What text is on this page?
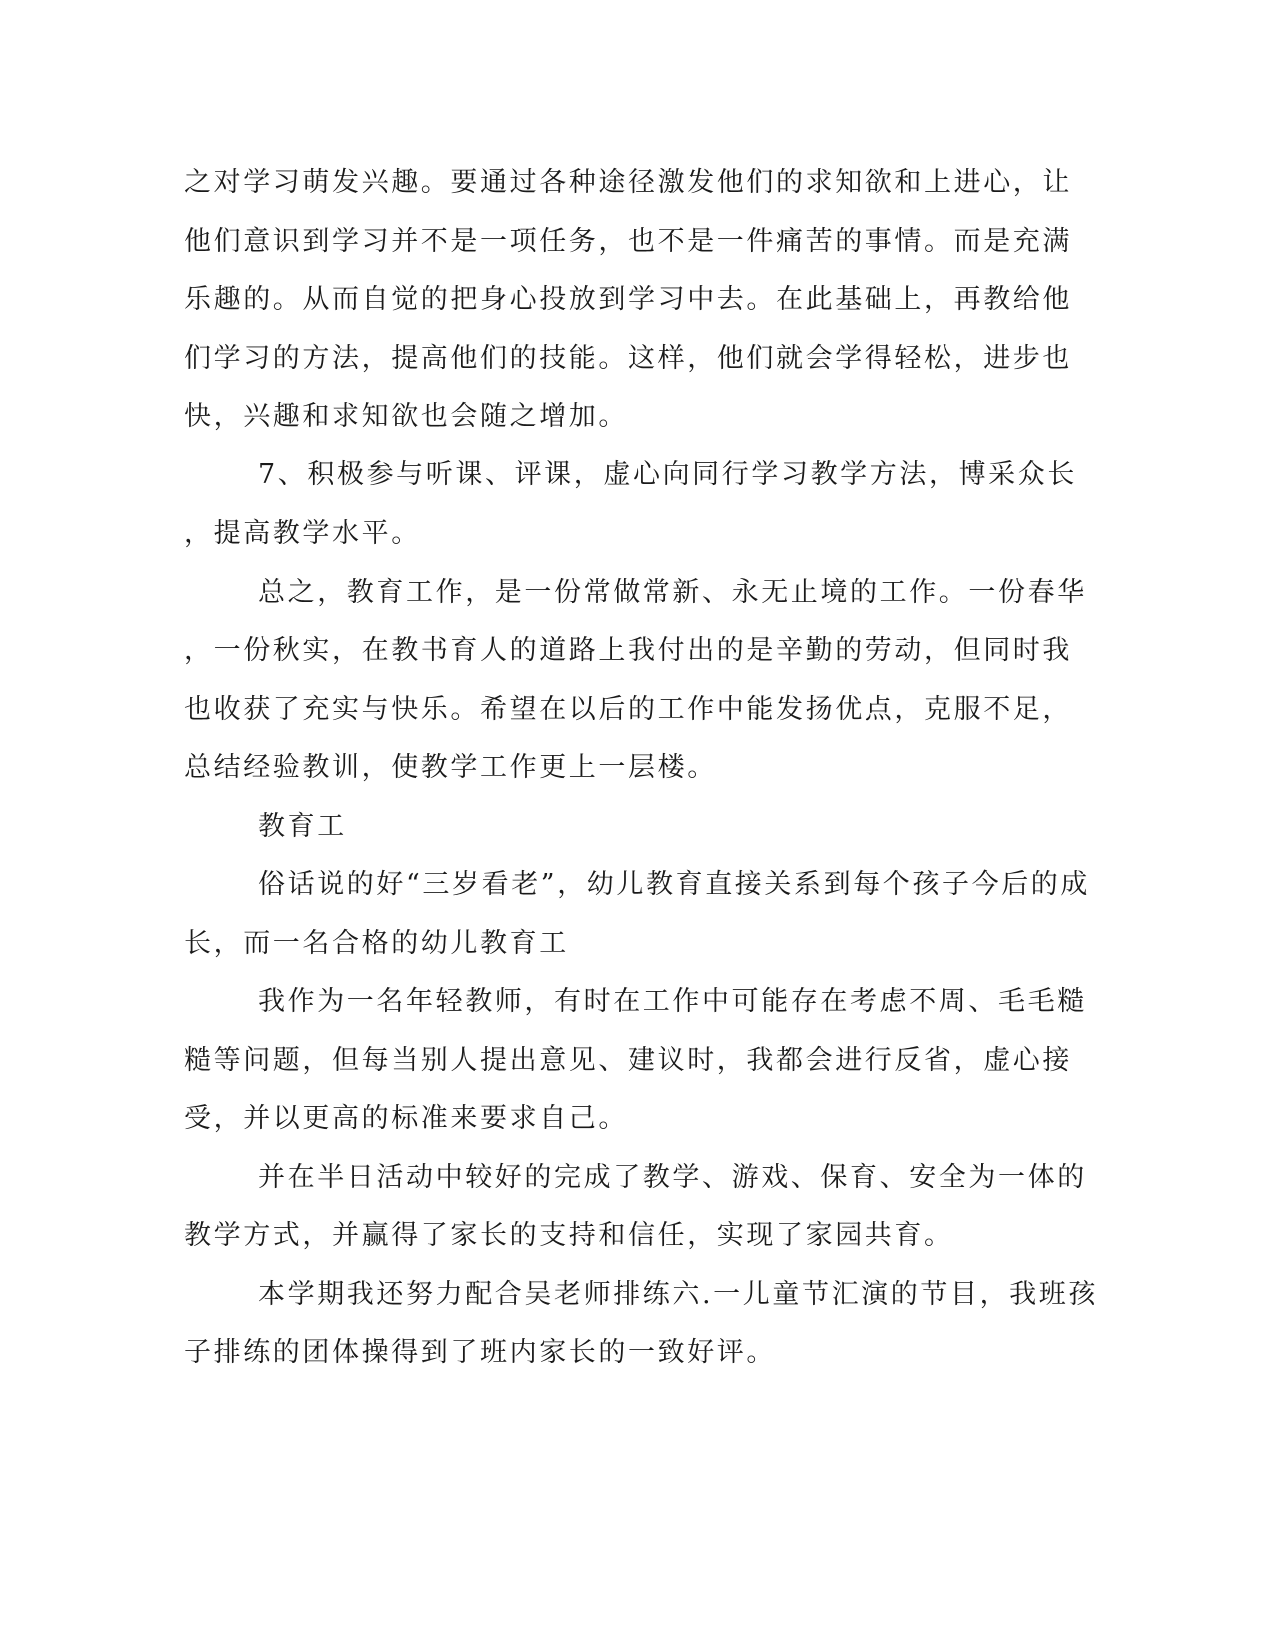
之对学习萌发兴趣。要通过各种途径激发他们的求知欲和上进心，让
他们意识到学习并不是一项任务，也不是一件痛苦的事情。而是充满
乐趣的。从而自觉的把身心投放到学习中去。在此基础上，再教给他
们学习的方法，提高他们的技能。这样，他们就会学得轻松，进步也
快，兴趣和求知欲也会随之增加。
7、积极参与听课、评课，虚心向同行学习教学方法，博采众长
，提高教学水平。
总之，教育工作，是一份常做常新、永无止境的工作。一份春华
，一份秋实，在教书育人的道路上我付出的是辛勤的劳动，但同时我
也收获了充实与快乐。希望在以后的工作中能发扬优点，克服不足，
总结经验教训，使教学工作更上一层楼。
教育工
俗话说的好“三岁看老”，幼儿教育直接关系到每个孩子今后的成
长，而一名合格的幼儿教育工
我作为一名年轻教师，有时在工作中可能存在考虑不周、毛毛糙
糙等问题，但每当别人提出意见、建议时，我都会进行反省，虚心接
受，并以更高的标准来要求自己。
并在半日活动中较好的完成了教学、游戏、保育、安全为一体的
教学方式，并赢得了家长的支持和信任，实现了家园共育。
本学期我还努力配合吴老师排练六.一儿童节汇演的节目，我班孩
子排练的团体操得到了班内家长的一致好评。
